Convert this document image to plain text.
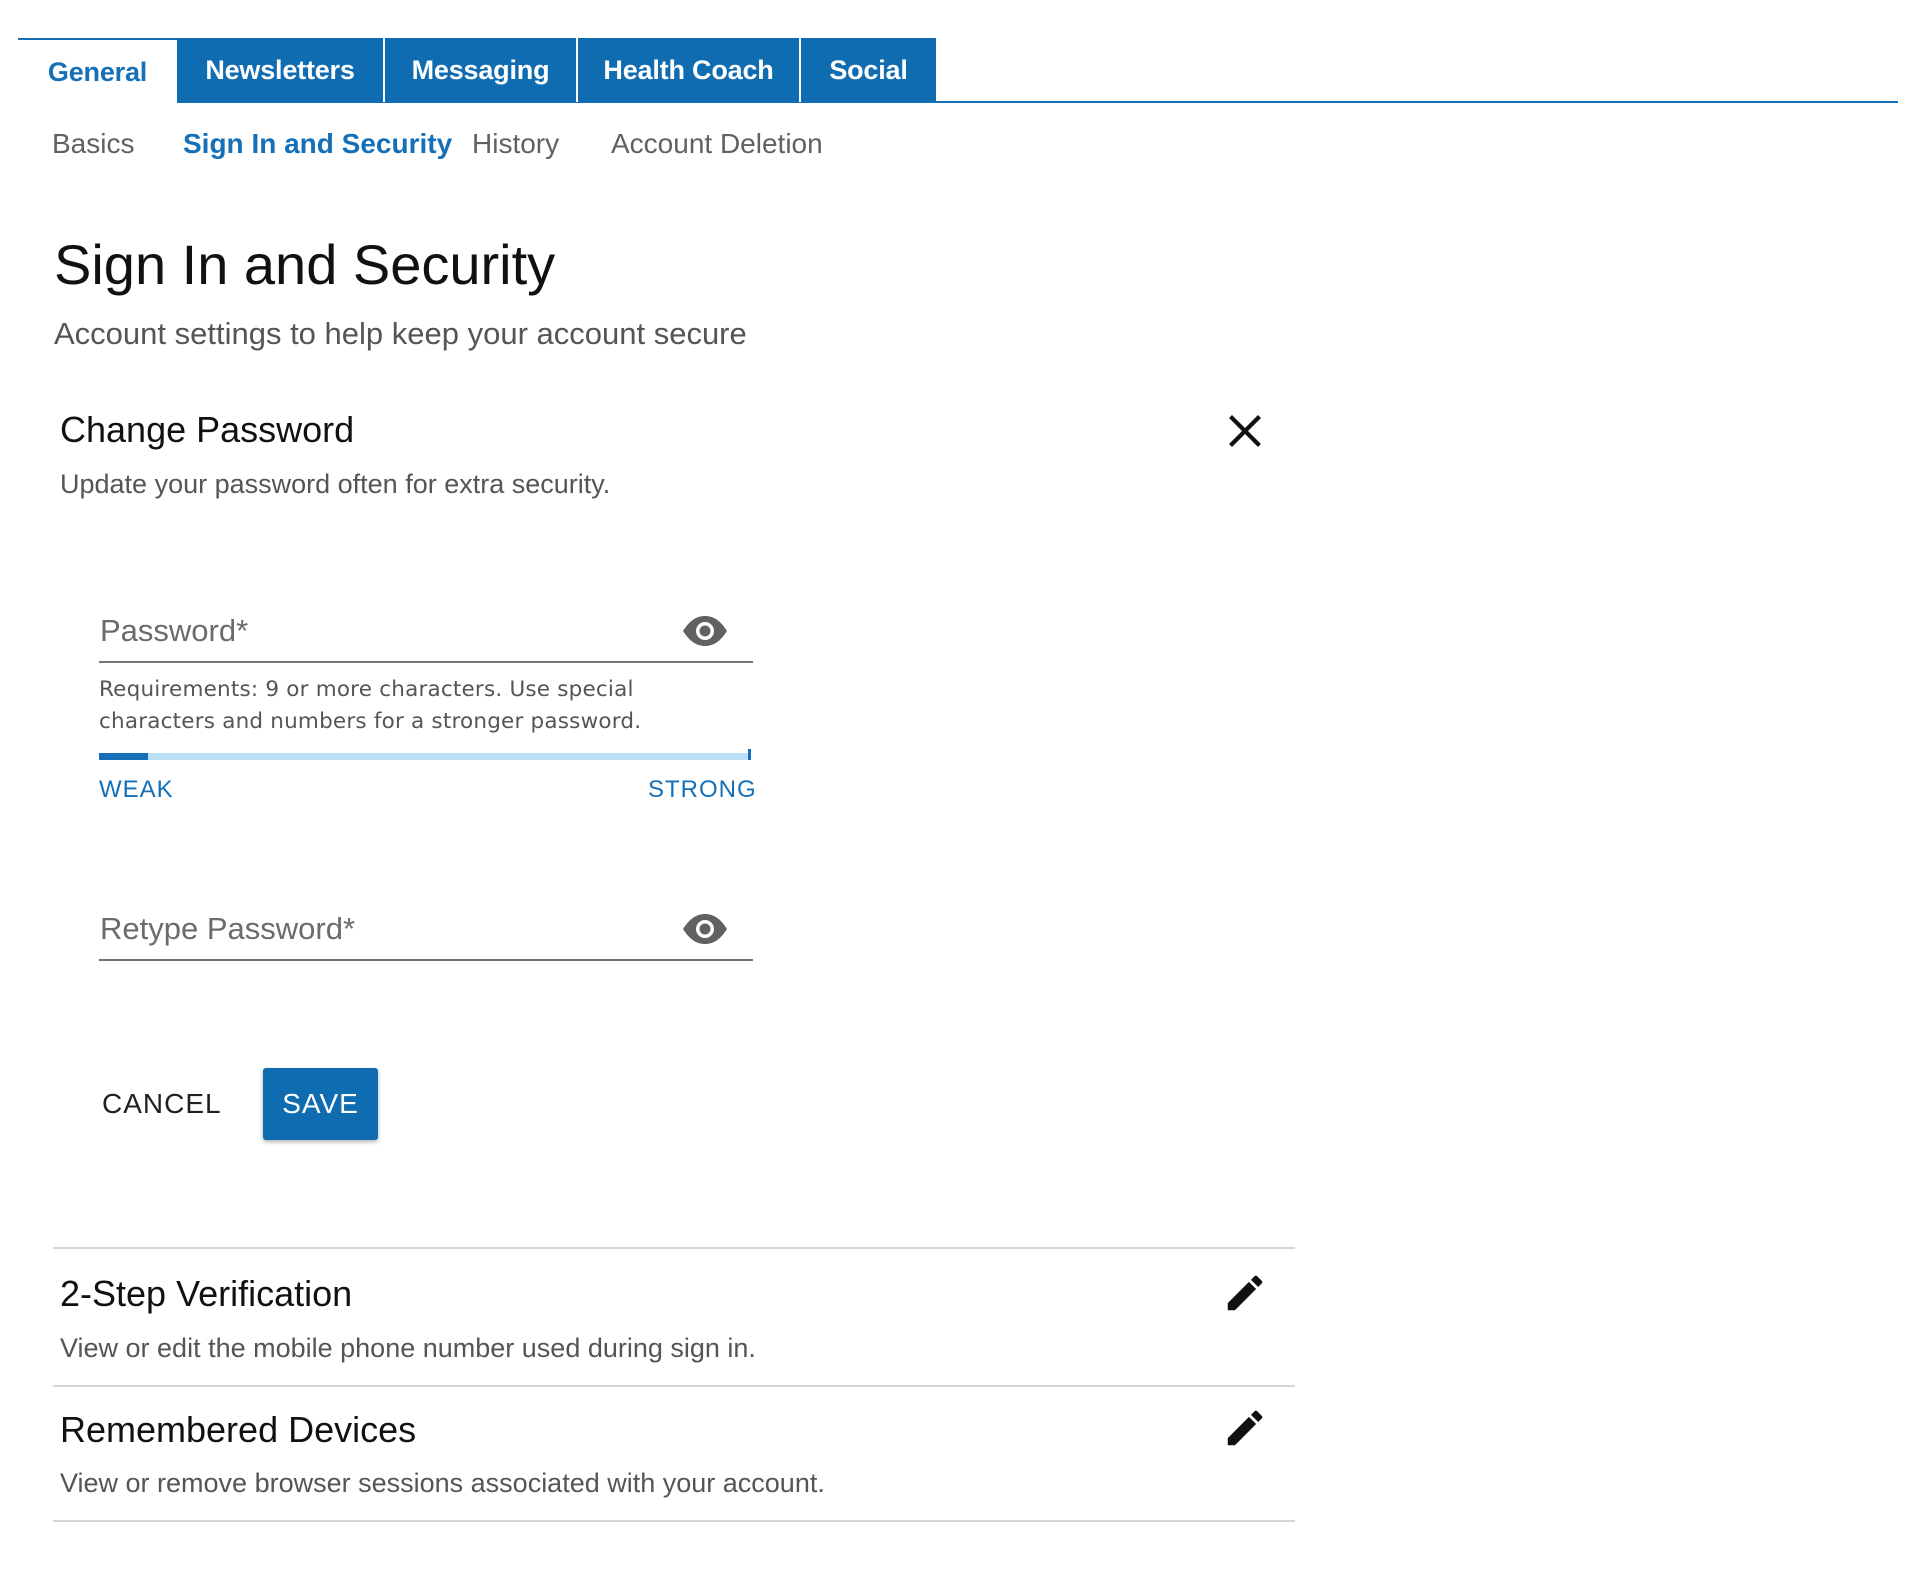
General Newsletters Messaging Health Coach Social
Basics Sign In and Security History Account Deletion
Sign In and Security
Account settings to help keep your account secure
Change Password
Update your password often for extra security.
Requirements: 9 or more characters. Use special
characters and numbers for a stronger password.
WEAK	STRONG
CANCEL	SAVE
2-Step Verification
View or edit the mobile phone number used during sign in.
Remembered Devices
View or remove browser sessions associated with your account.
